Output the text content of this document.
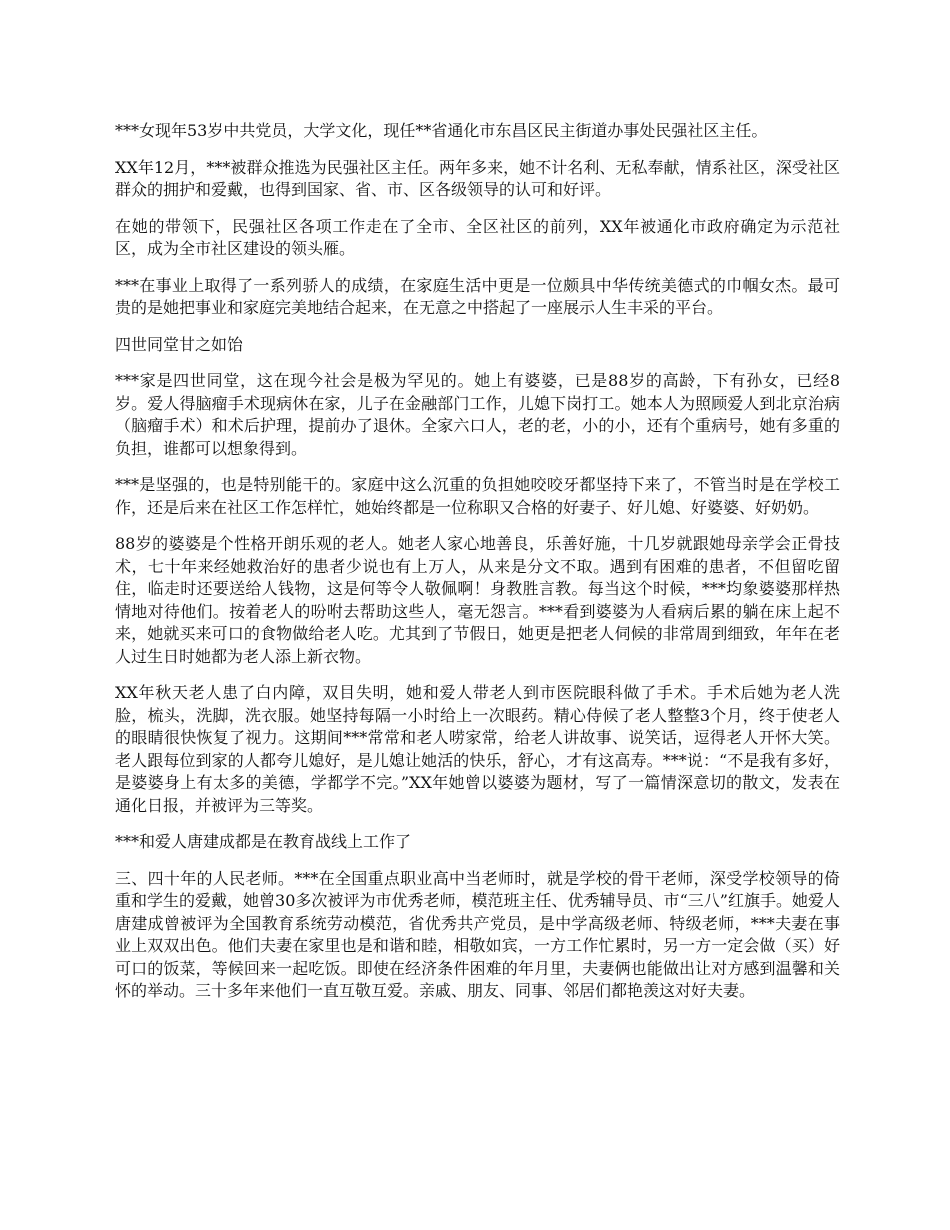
***女现年53岁中共党员，大学文化，现任**省通化市东昌区民主街道办事处民强社区主任。

XX年12月，***被群众推选为民强社区主任。两年多来，她不计名利、无私奉献，情系社区，深受社区群众的拥护和爱戴，也得到国家、省、市、区各级领导的认可和好评。

在她的带领下，民强社区各项工作走在了全市、全区社区的前列，XX年被通化市政府确定为示范社区，成为全市社区建设的领头雁。

***在事业上取得了一系列骄人的成绩，在家庭生活中更是一位颇具中华传统美德式的巾帼女杰。最可贵的是她把事业和家庭完美地结合起来，在无意之中搭起了一座展示人生丰采的平台。

四世同堂甘之如饴

***家是四世同堂，这在现今社会是极为罕见的。她上有婆婆，已是88岁的高龄，下有孙女，已经8岁。爱人得脑瘤手术现病休在家，儿子在金融部门工作，儿媳下岗打工。她本人为照顾爱人到北京治病（脑瘤手术）和术后护理，提前办了退休。全家六口人，老的老，小的小，还有个重病号，她有多重的负担，谁都可以想象得到。

***是坚强的，也是特别能干的。家庭中这么沉重的负担她咬咬牙都坚持下来了，不管当时是在学校工作，还是后来在社区工作怎样忙，她始终都是一位称职又合格的好妻子、好儿媳、好婆婆、好奶奶。

88岁的婆婆是个性格开朗乐观的老人。她老人家心地善良，乐善好施，十几岁就跟她母亲学会正骨技术，七十年来经她救治好的患者少说也有上万人，从来是分文不取。遇到有困难的患者，不但留吃留住，临走时还要送给人钱物，这是何等令人敬佩啊！身教胜言教。每当这个时候，***均象婆婆那样热情地对待他们。按着老人的吩咐去帮助这些人，毫无怨言。***看到婆婆为人看病后累的躺在床上起不来，她就买来可口的食物做给老人吃。尤其到了节假日，她更是把老人伺候的非常周到细致，年年在老人过生日时她都为老人添上新衣物。

XX年秋天老人患了白内障，双目失明，她和爱人带老人到市医院眼科做了手术。手术后她为老人洗脸，梳头，洗脚，洗衣服。她坚持每隔一小时给上一次眼药。精心侍候了老人整整3个月，终于使老人的眼睛很快恢复了视力。这期间***常常和老人唠家常，给老人讲故事、说笑话，逗得老人开怀大笑。老人跟每位到家的人都夸儿媳好，是儿媳让她活的快乐，舒心，才有这高寿。***说：“不是我有多好，是婆婆身上有太多的美德，学都学不完。”XX年她曾以婆婆为题材，写了一篇情深意切的散文，发表在通化日报，并被评为三等奖。

***和爱人唐建成都是在教育战线上工作了

三、四十年的人民老师。***在全国重点职业高中当老师时，就是学校的骨干老师，深受学校领导的倚重和学生的爱戴，她曾30多次被评为市优秀老师，模范班主任、优秀辅导员、市“三八”红旗手。她爱人唐建成曾被评为全国教育系统劳动模范，省优秀共产党员，是中学高级老师、特级老师，***夫妻在事业上双双出色。他们夫妻在家里也是和谐和睦，相敬如宾，一方工作忙累时，另一方一定会做（买）好可口的饭菜，等候回来一起吃饭。即使在经济条件困难的年月里，夫妻俩也能做出让对方感到温馨和关怀的举动。三十多年来他们一直互敬互爱。亲戚、朋友、同事、邻居们都艳羡这对好夫妻。
